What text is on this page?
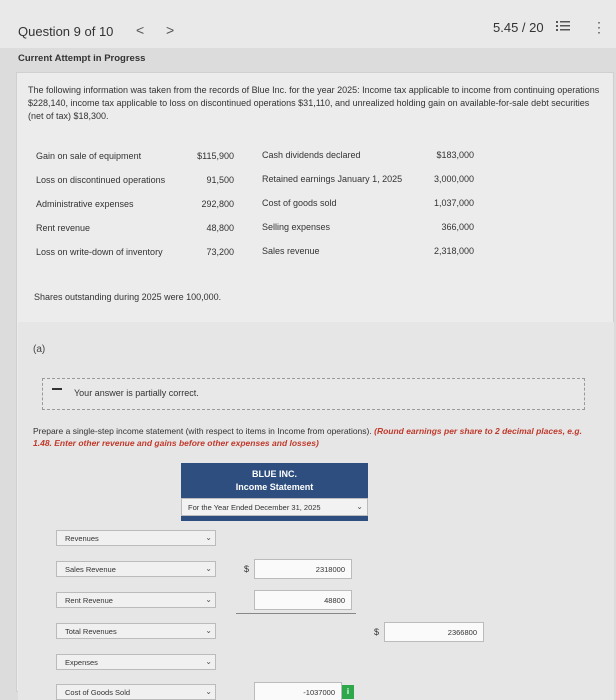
Question 9 of 10 < >	5.45 / 20	⋮
Current Attempt in Progress
The following information was taken from the records of Blue Inc. for the year 2025: Income tax applicable to income from continuing operations $228,140, income tax applicable to loss on discontinued operations $31,110, and unrealized holding gain on available-for-sale debt securities (net of tax) $18,300.
Gain on sale of equipment	$115,900
Loss on discontinued operations	91,500
Administrative expenses	292,800
Rent revenue	48,800
Loss on write-down of inventory	73,200
Cash dividends declared	$183,000
Retained earnings January 1, 2025	3,000,000
Cost of goods sold	1,037,000
Selling expenses	366,000
Sales revenue	2,318,000
Shares outstanding during 2025 were 100,000.
(a)
Your answer is partially correct.
Prepare a single-step income statement (with respect to items in Income from operations). (Round earnings per share to 2 decimal places, e.g. 1.48. Enter other revenue and gains before other expenses and losses)
BLUE INC.
Income Statement
For the Year Ended December 31, 2025	⌄
Revenues	⌄
Sales Revenue	⌄	$	2318000
Rent Revenue	⌄	48800
Total Revenues	⌄	$	2366800
Expenses	⌄
Cost of Goods Sold	⌄	-1037000	i
